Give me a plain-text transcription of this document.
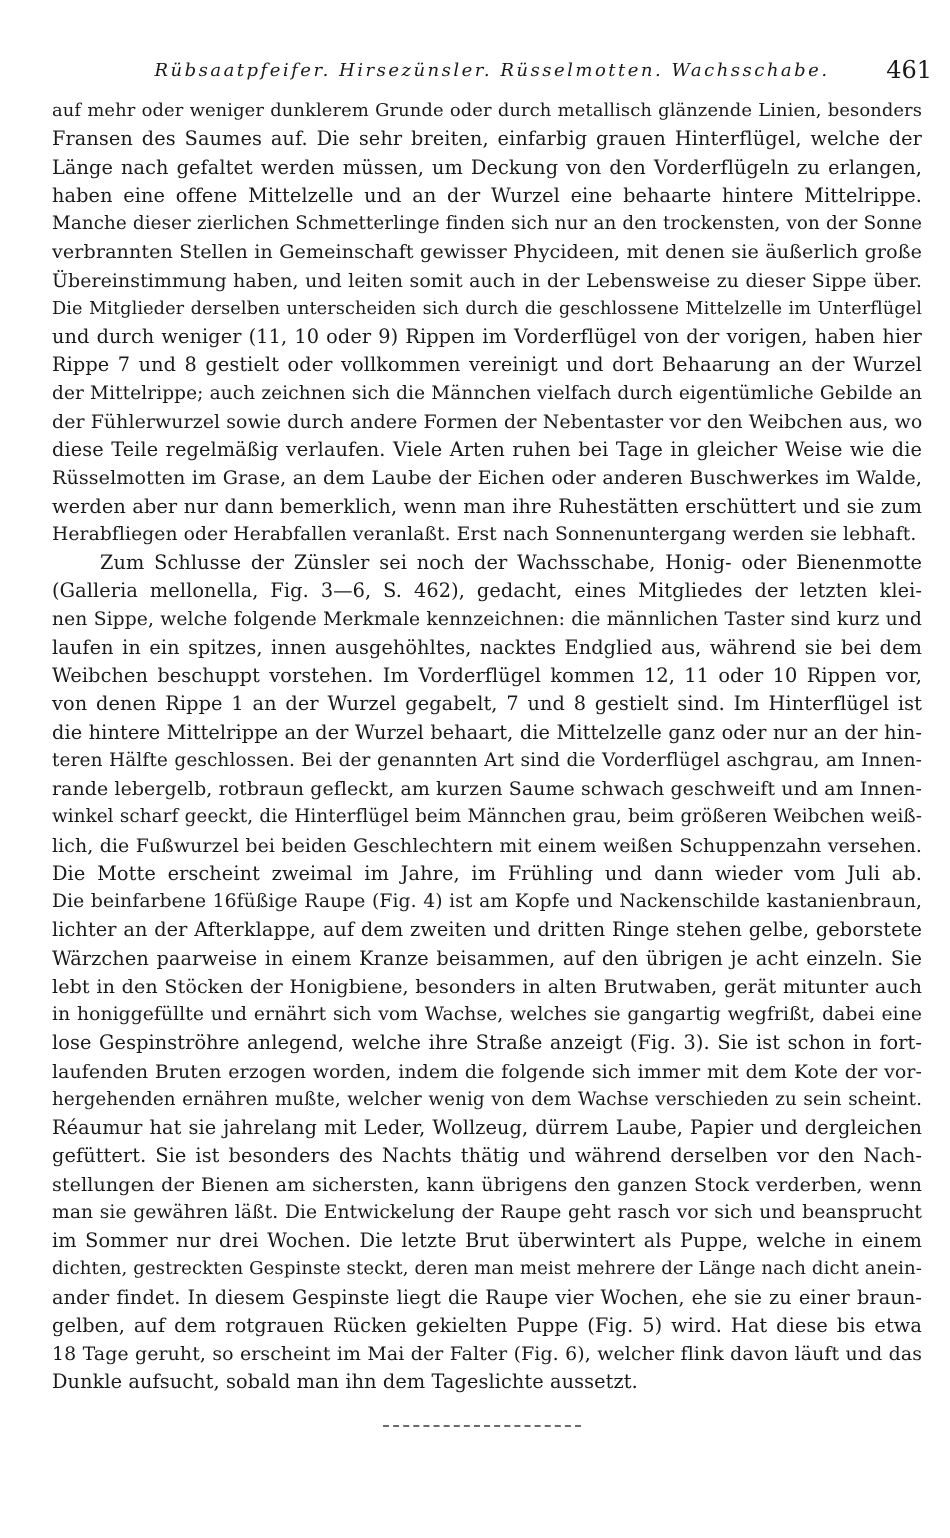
Rübsaatpfeifer. Hirsezünsler. Rüsselmotten. Wachsschabe.	461
auf mehr oder weniger dunklerem Grunde oder durch metallisch glänzende Linien, besonders
Fransen des Saumes auf. Die sehr breiten, einfarbig grauen Hinterflügel, welche der
Länge nach gefaltet werden müssen, um Deckung von den Vorderflügeln zu erlangen,
haben eine offene Mittelzelle und an der Wurzel eine behaarte hintere Mittelrippe.
Manche dieser zierlichen Schmetterlinge finden sich nur an den trockensten, von der Sonne
verbrannten Stellen in Gemeinschaft gewisser Phycideen, mit denen sie äußerlich große
Übereinstimmung haben, und leiten somit auch in der Lebensweise zu dieser Sippe über.
Die Mitglieder derselben unterscheiden sich durch die geschlossene Mittelzelle im Unterflügel
und durch weniger (11, 10 oder 9) Rippen im Vorderflügel von der vorigen, haben hier
Rippe 7 und 8 gestielt oder vollkommen vereinigt und dort Behaarung an der Wurzel
der Mittelrippe; auch zeichnen sich die Männchen vielfach durch eigentümliche Gebilde an
der Fühlerwurzel sowie durch andere Formen der Nebentaster vor den Weibchen aus, wo
diese Teile regelmäßig verlaufen. Viele Arten ruhen bei Tage in gleicher Weise wie die
Rüsselmotten im Grase, an dem Laube der Eichen oder anderen Buschwerkes im Walde,
werden aber nur dann bemerklich, wenn man ihre Ruhestätten erschüttert und sie zum
Herabfliegen oder Herabfallen veranlaßt. Erst nach Sonnenuntergang werden sie lebhaft.
Zum Schlusse der Zünsler sei noch der Wachsschabe, Honig- oder Bienenmotte
(Galleria mellonella, Fig. 3—6, S. 462), gedacht, eines Mitgliedes der letzten klei-
nen Sippe, welche folgende Merkmale kennzeichnen: die männlichen Taster sind kurz und
laufen in ein spitzes, innen ausgehöhltes, nacktes Endglied aus, während sie bei dem
Weibchen beschuppt vorstehen. Im Vorderflügel kommen 12, 11 oder 10 Rippen vor,
von denen Rippe 1 an der Wurzel gegabelt, 7 und 8 gestielt sind. Im Hinterflügel ist
die hintere Mittelrippe an der Wurzel behaart, die Mittelzelle ganz oder nur an der hin-
teren Hälfte geschlossen. Bei der genannten Art sind die Vorderflügel aschgrau, am Innen-
rande lebergelb, rotbraun gefleckt, am kurzen Saume schwach geschweift und am Innen-
winkel scharf geeckt, die Hinterflügel beim Männchen grau, beim größeren Weibchen weiß-
lich, die Fußwurzel bei beiden Geschlechtern mit einem weißen Schuppenzahn versehen.
Die Motte erscheint zweimal im Jahre, im Frühling und dann wieder vom Juli ab.
Die beinfarbene 16füßige Raupe (Fig. 4) ist am Kopfe und Nackenschilde kastanienbraun,
lichter an der Afterklappe, auf dem zweiten und dritten Ringe stehen gelbe, geborstete
Wärzchen paarweise in einem Kranze beisammen, auf den übrigen je acht einzeln. Sie
lebt in den Stöcken der Honigbiene, besonders in alten Brutwaben, gerät mitunter auch
in honiggefüllte und ernährt sich vom Wachse, welches sie gangartig wegfrißt, dabei eine
lose Gespinströhre anlegend, welche ihre Straße anzeigt (Fig. 3). Sie ist schon in fort-
laufenden Bruten erzogen worden, indem die folgende sich immer mit dem Kote der vor-
hergehenden ernähren mußte, welcher wenig von dem Wachse verschieden zu sein scheint.
Réaumur hat sie jahrelang mit Leder, Wollzeug, dürrem Laube, Papier und dergleichen
gefüttert. Sie ist besonders des Nachts thätig und während derselben vor den Nach-
stellungen der Bienen am sichersten, kann übrigens den ganzen Stock verderben, wenn
man sie gewähren läßt. Die Entwickelung der Raupe geht rasch vor sich und beansprucht
im Sommer nur drei Wochen. Die letzte Brut überwintert als Puppe, welche in einem
dichten, gestreckten Gespinste steckt, deren man meist mehrere der Länge nach dicht anein-
ander findet. In diesem Gespinste liegt die Raupe vier Wochen, ehe sie zu einer braun-
gelben, auf dem rotgrauen Rücken gekielten Puppe (Fig. 5) wird. Hat diese bis etwa
18 Tage geruht, so erscheint im Mai der Falter (Fig. 6), welcher flink davon läuft und das
Dunkle aufsucht, sobald man ihn dem Tageslichte aussetzt.
